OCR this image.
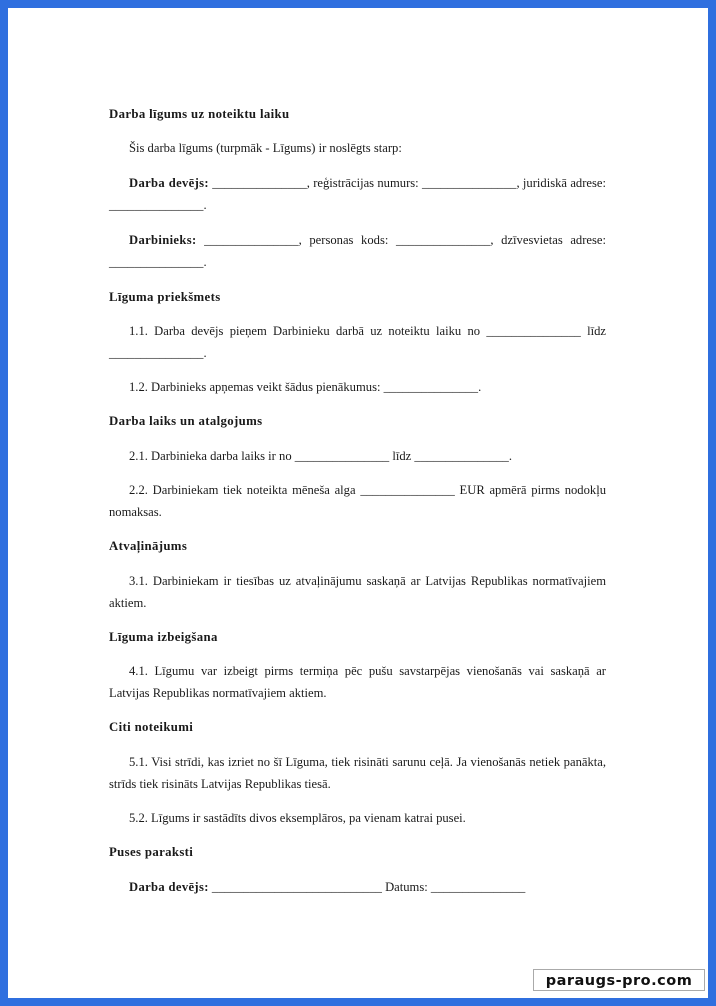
Darba līgums uz noteiktu laiku

Šis darba līgums (turpmāk - Līgums) ir noslēgts starp:

Darba devējs: _______________, reģistrācijas numurs: _______________, juridiskā adrese: _______________.

Darbinieks: _______________, personas kods: _______________, dzīvesvietas adrese: _______________.

Līguma priekšmets

1.1. Darba devējs pieņem Darbinieku darbā uz noteiktu laiku no _______________ līdz _______________.

1.2. Darbinieks apņemas veikt šādus pienākumus: _______________.

Darba laiks un atalgojums

2.1. Darbinieka darba laiks ir no _______________ līdz _______________.

2.2. Darbiniekam tiek noteikta mēneša alga _______________ EUR apmērā pirms nodokļu nomaksas.

Atvaļinājums

3.1. Darbiniekam ir tiesības uz atvaļinājumu saskaņā ar Latvijas Republikas normatīvajiem aktiem.

Līguma izbeigšana

4.1. Līgumu var izbeigt pirms termiņa pēc pušu savstarpējas vienošanās vai saskaņā ar Latvijas Republikas normatīvajiem aktiem.

Citi noteikumi

5.1. Visi strīdi, kas izriet no šī Līguma, tiek risināti sarunu ceļā. Ja vienošanās netiek panākta, strīds tiek risināts Latvijas Republikas tiesā.

5.2. Līgums ir sastādīts divos eksemplāros, pa vienam katrai pusei.

Puses paraksti

Darba devējs: ___________________________ Datums: _______________

paraugs-pro.com
